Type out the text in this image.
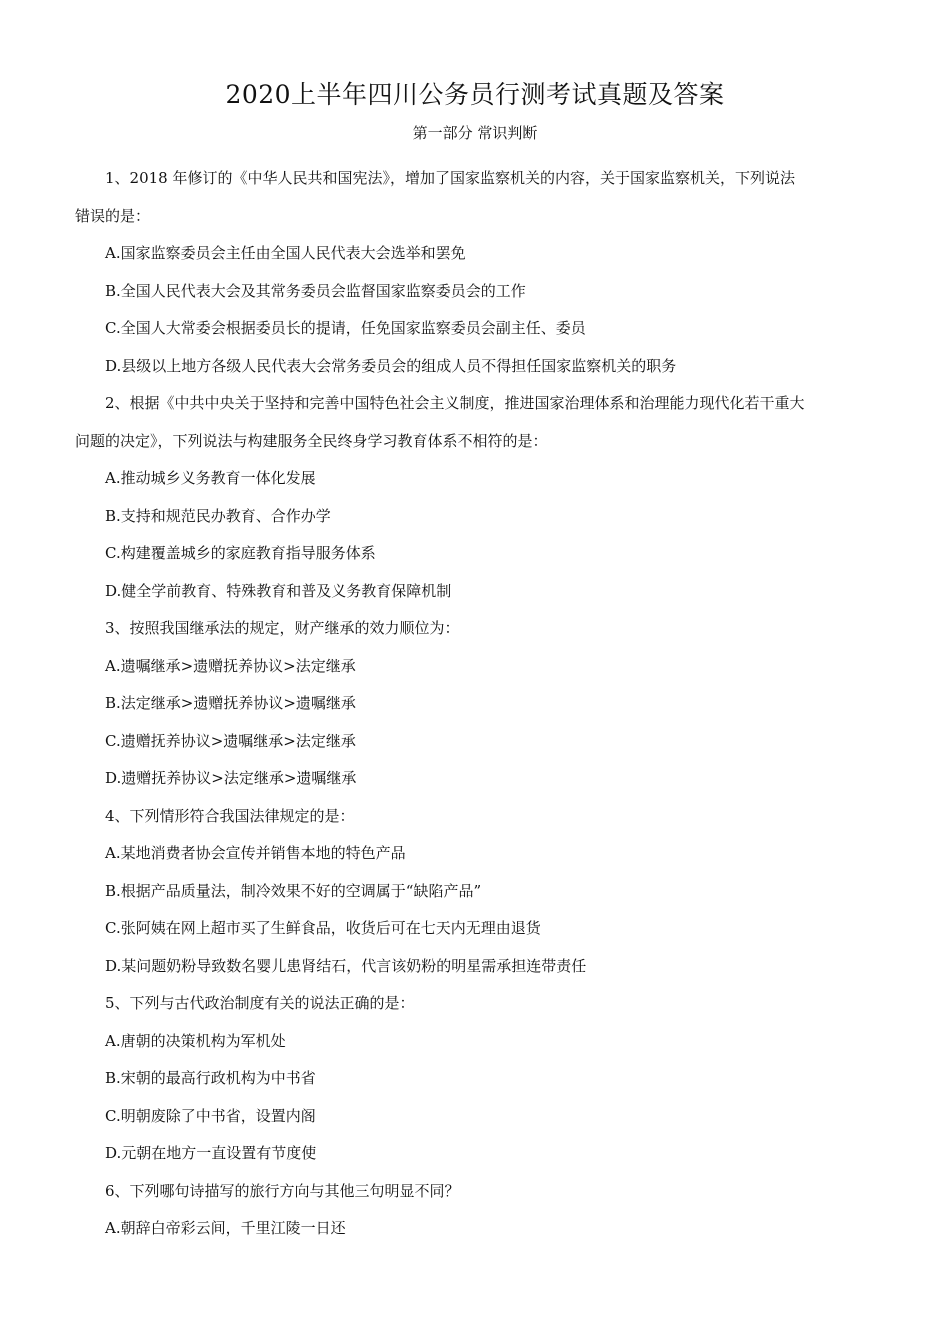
2020上半年四川公务员行测考试真题及答案
第一部分 常识判断
1、2018 年修订的《中华人民共和国宪法》，增加了国家监察机关的内容，关于国家监察机关，下列说法
错误的是：
A.国家监察委员会主任由全国人民代表大会选举和罢免
B.全国人民代表大会及其常务委员会监督国家监察委员会的工作
C.全国人大常委会根据委员长的提请，任免国家监察委员会副主任、委员
D.县级以上地方各级人民代表大会常务委员会的组成人员不得担任国家监察机关的职务
2、根据《中共中央关于坚持和完善中国特色社会主义制度，推进国家治理体系和治理能力现代化若干重大
问题的决定》，下列说法与构建服务全民终身学习教育体系不相符的是：
A.推动城乡义务教育一体化发展
B.支持和规范民办教育、合作办学
C.构建覆盖城乡的家庭教育指导服务体系
D.健全学前教育、特殊教育和普及义务教育保障机制
3、按照我国继承法的规定，财产继承的效力顺位为：
A.遗嘱继承>遗赠抚养协议>法定继承
B.法定继承>遗赠抚养协议>遗嘱继承
C.遗赠抚养协议>遗嘱继承>法定继承
D.遗赠抚养协议>法定继承>遗嘱继承
4、下列情形符合我国法律规定的是：
A.某地消费者协会宣传并销售本地的特色产品
B.根据产品质量法，制冷效果不好的空调属于“缺陷产品”
C.张阿姨在网上超市买了生鲜食品，收货后可在七天内无理由退货
D.某问题奶粉导致数名婴儿患肾结石，代言该奶粉的明星需承担连带责任
5、下列与古代政治制度有关的说法正确的是：
A.唐朝的决策机构为军机处
B.宋朝的最高行政机构为中书省
C.明朝废除了中书省，设置内阁
D.元朝在地方一直设置有节度使
6、下列哪句诗描写的旅行方向与其他三句明显不同？
A.朝辞白帝彩云间，千里江陵一日还
